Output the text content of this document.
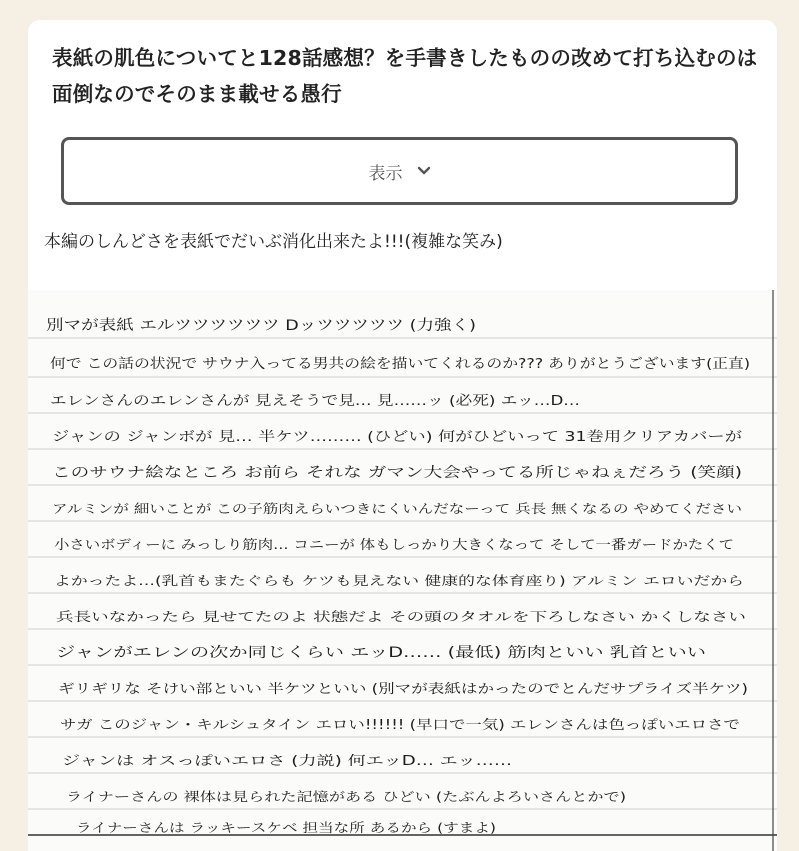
表紙の肌色についてと128話感想？を手書きしたものの改めて打ち込むのは面倒なのでそのまま載せる愚行
表示
本編のしんどさを表紙でだいぶ消化出来たよ!!!(複雑な笑み)
別マが表紙 エルツツツツツツ Dッツツツツツ (力強く)
何で この話の状況で サウナ入ってる男共の絵を描いてくれるのか??? ありがとうございます(正直)
エレンさんのエレンさんが 見えそうで見… 見……ッ (必死) エッ…D…
ジャンの ジャンボが 見… 半ケツ……… (ひどい) 何がひどいって 31巻用クリアカバーが
このサウナ絵なところ お前ら それな ガマン大会やってる所じゃねぇだろう (笑顔)
アルミンが 細いことが この子筋肉えらいつきにくいんだなーって 兵長 無くなるの やめてください
小さいボディーに みっしり筋肉… コニーが 体もしっかり大きくなって そして一番ガードかたくて
よかったよ…(乳首もまたぐらも ケツも見えない 健康的な体育座り) アルミン エロいだから
兵長いなかったら 見せてたのよ 状態だよ その頭のタオルを下ろしなさい かくしなさい
ジャンがエレンの次か同じくらい エッD…… (最低) 筋肉といい 乳首といい
ギリギリな そけい部といい 半ケツといい (別マが表紙はかったのでとんだサプライズ半ケツ)
サガ このジャン・キルシュタイン エロい!!!!!! (早口で一気) エレンさんは色っぽいエロさで
ジャンは オスっぽいエロさ (力説) 何エッD… エッ……
ライナーさんの 裸体は見られた記憶がある ひどい (たぶんよろいさんとかで)
ライナーさんは ラッキースケベ 担当な所 あるから (すまよ)
